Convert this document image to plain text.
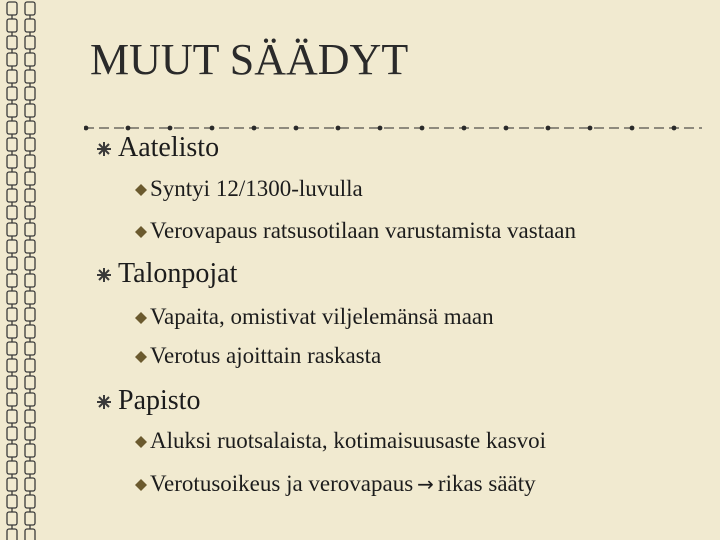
MUUT SÄÄDYT
Aatelisto
Syntyi 12/1300-luvulla
Verovapaus ratsusotilaan varustamista vastaan
Talonpojat
Vapaita, omistivat viljelemänsä maan
Verotus ajoittain raskasta
Papisto
Aluksi ruotsalaista, kotimaisuusaste kasvoi
Verotusoikeus ja verovapaus → rikas sääty
